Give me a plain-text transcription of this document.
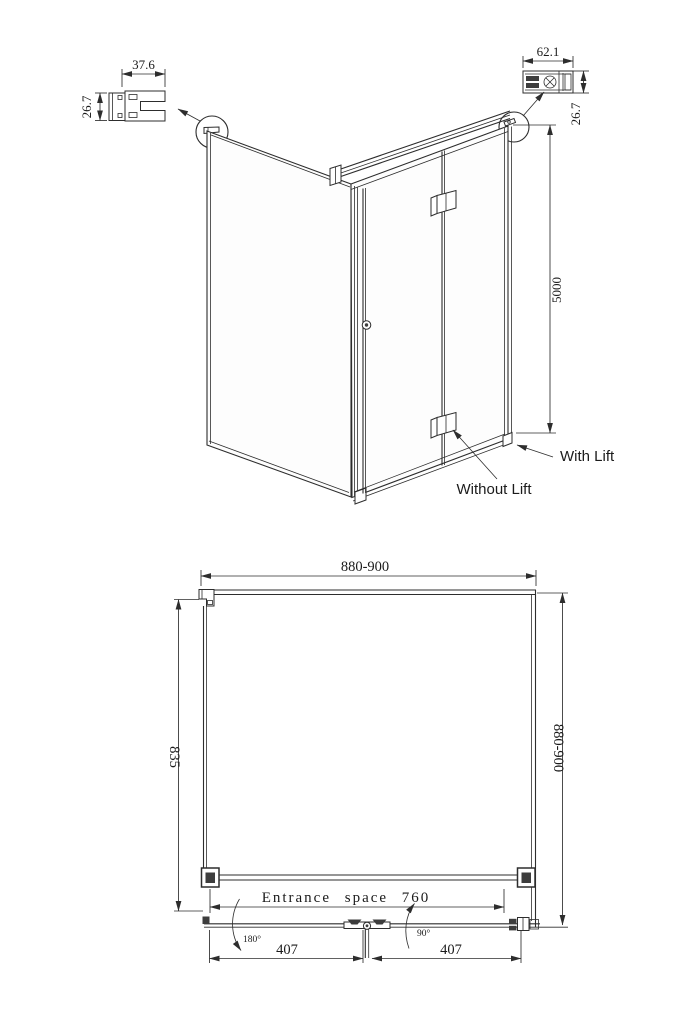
37.6
26.7
62.1
26.7
5000
With Lift
Without Lift
880-900
Entrance space 760
180°
90°
407	407
835	880-900
